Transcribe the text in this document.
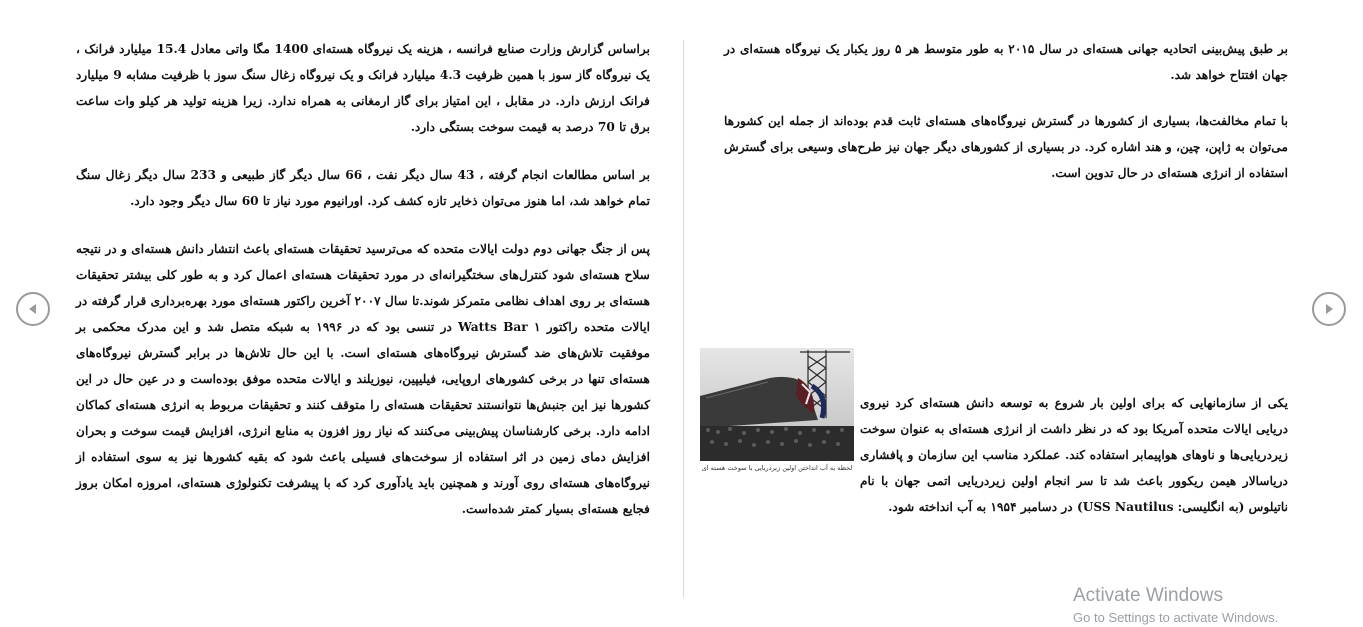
براساس گزارش وزارت صنایع فرانسه ، هزینه یک نیروگاه هسته‌ای 1400 مگا واتی معادل 15.4 میلیارد فرانک ، یک نیروگاه گاز سوز با همین ظرفیت 4.3 میلیارد فرانک و یک نیروگاه زغال سنگ سوز با ظرفیت مشابه 9 میلیارد فرانک ارزش دارد. در مقابل ، این امتیاز برای گاز ارمغانی به همراه ندارد. زیرا هزینه تولید هر کیلو وات ساعت برق تا 70 درصد به قیمت سوخت بستگی دارد.

بر اساس مطالعات انجام گرفته ، 43 سال دیگر نفت ، 66 سال دیگر گاز طبیعی و 233 سال دیگر زغال سنگ تمام خواهد شد، اما هنوز می‌توان ذخایر تازه کشف کرد. اورانیوم مورد نیاز تا 60 سال دیگر وجود دارد.

پس از جنگ جهانی دوم دولت ایالات متحده که می‌ترسید تحقیقات هسته‌ای باعث انتشار دانش هسته‌ای و در نتیجه سلاح هسته‌ای شود کنترل‌های سختگیرانه‌ای در مورد تحقیقات هسته‌ای اعمال کرد و به طور کلی بیشتر تحقیقات هسته‌ای بر روی اهداف نظامی متمرکز شوند.تا سال ۲۰۰۷ آخرین راکتور هسته‌ای مورد بهره‌برداری قرار گرفته در ایالات متحده راکتور Watts Bar ۱ در تنسی بود که در ۱۹۹۶ به شبکه متصل شد و این مدرک محکمی بر موفقیت تلاش‌های ضد گسترش نیروگاه‌های هسته‌ای است. با این حال تلاش‌ها در برابر گسترش نیروگاه‌های هسته‌ای تنها در برخی کشورهای اروپایی، فیلیپین، نیوزیلند و ایالات متحده موفق بوده‌است و در عین حال در این کشورها نیز این جنبش‌ها نتوانستند تحقیقات هسته‌ای را متوقف کنند و تحقیقات مربوط به انرژی هسته‌ای کماکان ادامه دارد. برخی کارشناسان پیش‌بینی می‌کنند که نیاز روز افزون به منابع انرژی، افزایش قیمت سوخت و بحران افزایش دمای زمین در اثر استفاده از سوخت‌های فسیلی باعث شود که بقیه کشورها نیز به سوی استفاده از نیروگاه‌های هسته‌ای روی آورند و همچنین باید یادآوری کرد که با پیشرفت تکنولوژی هسته‌ای، امروزه امکان بروز فجایع هسته‌ای بسیار کمتر شده‌است.

بر طبق پیش‌بینی اتحادیه جهانی هسته‌ای در سال ۲۰۱۵ به طور متوسط هر ۵ روز یکبار یک نیروگاه هسته‌ای در جهان افتتاح خواهد شد.

با تمام مخالفت‌ها، بسیاری از کشورها در گسترش نیروگاه‌های هسته‌ای ثابت قدم بوده‌اند از جمله این کشورها می‌توان به ژاپن، چین، و هند اشاره کرد. در بسیاری از کشورهای دیگر جهان نیز طرح‌های وسیعی برای گسترش استفاده از انرژی هسته‌ای در حال تدوین است.

یکی از سازمانهایی که برای اولین بار شروع به توسعه دانش هسته‌ای کرد نیروی دریایی ایالات متحده آمریکا بود که در نظر داشت از انرژی هسته‌ای به عنوان سوخت زیردریایی‌ها و ناوهای هواپیمابر استفاده کند. عملکرد مناسب این سازمان و پافشاری دریاسالار هیمن ریکوور باعث شد تا سر انجام اولین زیردریایی اتمی جهان با نام ناتیلوس (به انگلیسی: USS Nautilus) در دسامبر ۱۹۵۴ به آب انداخته شود.

لحظه به آب انداختن اولین زیردریایی با سوخت هسته ای
Activate Windows
Go to Settings to activate Windows.
